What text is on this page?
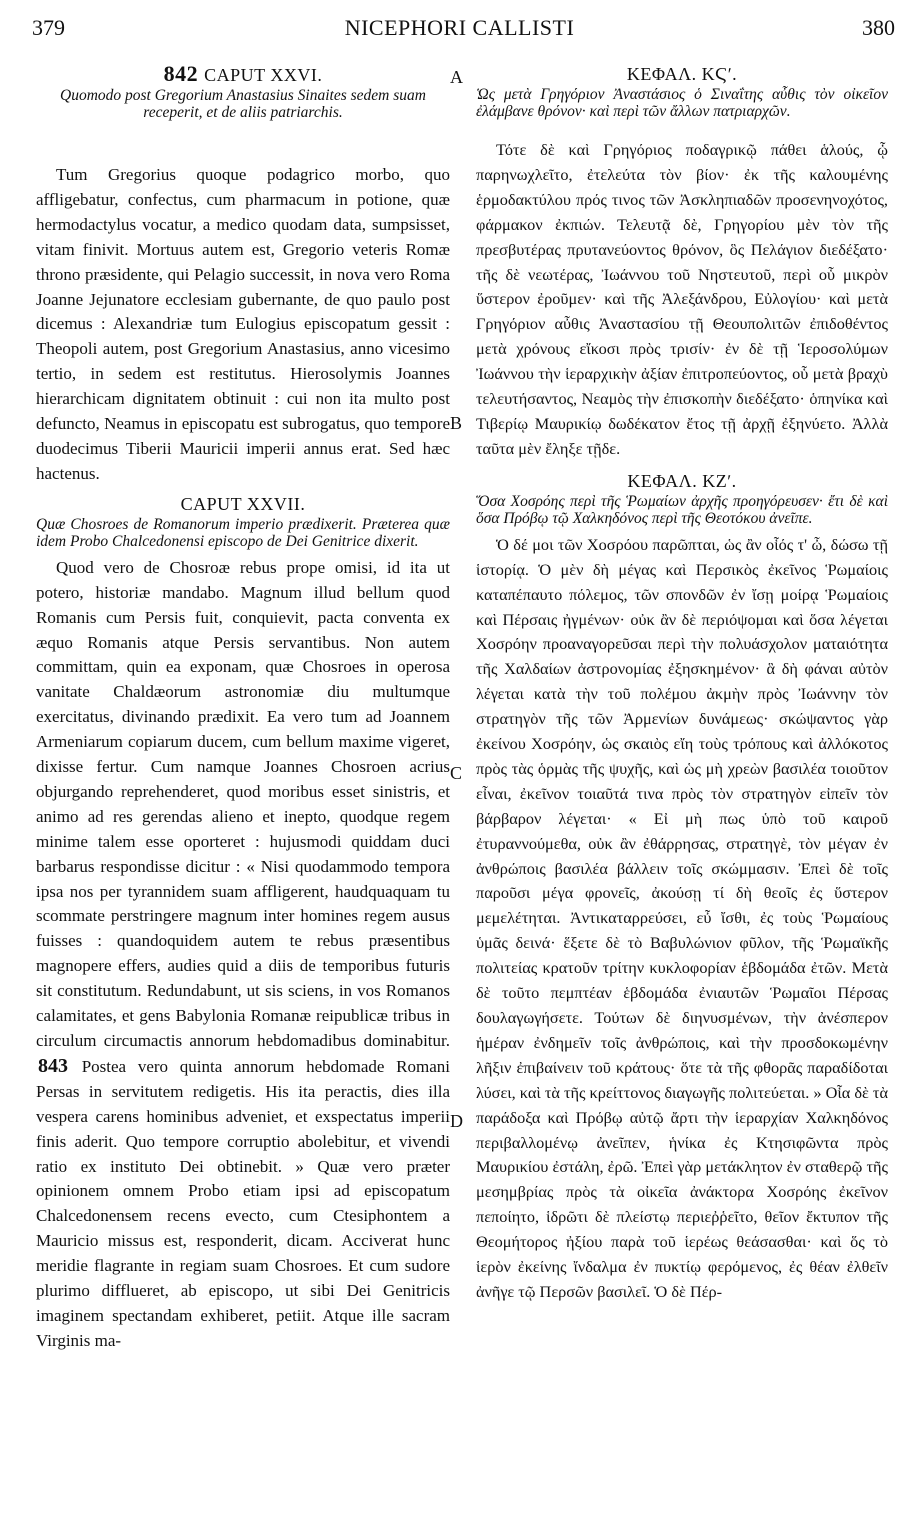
379	NICEPHORI CALLISTI	380
A
B
C
D

842 CAPUT XXVI.

Quomodo post Gregorium Anastasius Sinaites sedem suam receperit, et de aliis patriarchis.

Tum Gregorius quoque podagrico morbo, quo affligebatur, confectus, cum pharmacum in potione, quæ hermodactylus vocatur, a medico quodam data, sumpsisset, vitam finivit. Mortuus autem est, Gregorio veteris Romæ throno præsidente, qui Pelagio successit, in nova vero Roma Joanne Jejunatore ecclesiam gubernante, de quo paulo post dicemus : Alexandriæ tum Eulogius episcopatum gessit : Theopoli autem, post Gregorium Anastasius, anno vicesimo tertio, in sedem est restitutus. Hierosolymis Joannes hierarchicam dignitatem obtinuit : cui non ita multo post defuncto, Neamus in episcopatu est subrogatus, quo tempore duodecimus Tiberii Mauricii imperii annus erat. Sed hæc hactenus.

CAPUT XXVII.

Quæ Chosroes de Romanorum imperio prædixerit. Præterea quæ idem Probo Chalcedonensi episcopo de Dei Genitrice dixerit.

Quod vero de Chosroæ rebus prope omisi, id ita ut potero, historiæ mandabo. Magnum illud bellum quod Romanis cum Persis fuit, conquievit, pacta conventa ex æquo Romanis atque Persis servantibus. Non autem committam, quin ea exponam, quæ Chosroes in operosa vanitate Chaldæorum astronomiæ diu multumque exercitatus, divinando prædixit. Ea vero tum ad Joannem Armeniarum copiarum ducem, cum bellum maxime vigeret, dixisse fertur. Cum namque Joannes Chosroen acrius objurgando reprehenderet, quod moribus esset sinistris, et animo ad res gerendas alieno et inepto, quodque regem minime talem esse oporteret : hujusmodi quiddam duci barbarus respondisse dicitur : « Nisi quodammodo tempora ipsa nos per tyrannidem suam affligerent, haudquaquam tu scommate perstringere magnum inter homines regem ausus fuisses : quandoquidem autem te rebus præsentibus magnopere effers, audies quid a diis de temporibus futuris sit constitutum. Redundabunt, ut sis sciens, in vos Romanos calamitates, et gens Babylonia Romanæ reipublicæ tribus in circulum circumactis annorum hebdomadibus dominabitur. 843 Postea vero quinta annorum hebdomade Romani Persas in servitutem redigetis. His ita peractis, dies illa vespera carens hominibus adveniet, et exspectatus imperii finis aderit. Quo tempore corruptio abolebitur, et vivendi ratio ex instituto Dei obtinebit. » Quæ vero præter opinionem omnem Probo etiam ipsi ad episcopatum Chalcedonensem recens evecto, cum Ctesiphontem a Mauricio missus est, responderit, dicam. Acciverat hunc meridie flagrante in regiam suam Chosroes. Et cum sudore plurimo difflueret, ab episcopo, ut sibi Dei Genitricis imaginem spectandam exhiberet, petiit. Atque ille sacram Virginis ma-

ΚΕΦΑΛ. ΚϚʹ.

Ὡς μετὰ Γρηγόριον Ἀναστάσιος ὁ Σιναΐτης αὖθις τὸν οἰκεῖον ἐλάμβανε θρόνον· καὶ περὶ τῶν ἄλλων πατριαρχῶν.

Τότε δὲ καὶ Γρηγόριος ποδαγρικῷ πάθει ἁλούς, ᾧ παρηνωχλεῖτο, ἐτελεύτα τὸν βίον· ἐκ τῆς καλουμένης ἑρμοδακτύλου πρός τινος τῶν Ἀσκληπιαδῶν προσενηνοχότος, φάρμακον ἐκπιών. Τελευτᾷ δὲ, Γρηγορίου μὲν τὸν τῆς πρεσβυτέρας πρυτανεύοντος θρόνον, ὃς Πελάγιον διεδέξατο· τῆς δὲ νεωτέρας, Ἰωάννου τοῦ Νηστευτοῦ, περὶ οὗ μικρὸν ὕστερον ἐροῦμεν· καὶ τῆς Ἀλεξάνδρου, Εὐλογίου· καὶ μετὰ Γρηγόριον αὖθις Ἀναστασίου τῇ Θεουπολιτῶν ἐπιδοθέντος μετὰ χρόνους εἴκοσι πρὸς τρισίν· ἐν δὲ τῇ Ἱεροσολύμων Ἰωάννου τὴν ἱεραρχικὴν ἀξίαν ἐπιτροπεύοντος, οὗ μετὰ βραχὺ τελευτήσαντος, Νεαμὸς τὴν ἐπισκοπὴν διεδέξατο· ὁπηνίκα καὶ Τιβερίῳ Μαυρικίῳ δωδέκατον ἔτος τῇ ἀρχῇ ἐξηνύετο. Ἀλλὰ ταῦτα μὲν ἔληξε τῇδε.

ΚΕΦΑΛ. ΚΖʹ.

Ὅσα Χοσρόης περὶ τῆς Ῥωμαίων ἀρχῆς προηγόρευσεν· ἔτι δὲ καὶ ὅσα Πρόβῳ τῷ Χαλκηδόνος περὶ τῆς Θεοτόκου ἀνεῖπε.

Ὁ δέ μοι τῶν Χοσρόου παρῶπται, ὡς ἂν οἷός τ' ὦ, δώσω τῇ ἱστορίᾳ. Ὁ μὲν δὴ μέγας καὶ Περσικὸς ἐκεῖνος Ῥωμαίοις καταπέπαυτο πόλεμος, τῶν σπονδῶν ἐν ἴσῃ μοίρᾳ Ῥωμαίοις καὶ Πέρσαις ἠγμένων· οὐκ ἂν δὲ περιόψομαι καὶ ὅσα λέγεται Χοσρόην προαναγορεῦσαι περὶ τὴν πολυάσχολον ματαιότητα τῆς Χαλδαίων ἀστρονομίας ἐξησκημένον· ἃ δὴ φάναι αὐτὸν λέγεται κατὰ τὴν τοῦ πολέμου ἀκμὴν πρὸς Ἰωάννην τὸν στρατηγὸν τῆς τῶν Ἀρμενίων δυνάμεως· σκώψαντος γὰρ ἐκείνου Χοσρόην, ὡς σκαιὸς εἴη τοὺς τρόπους καὶ ἀλλόκοτος πρὸς τὰς ὁρμὰς τῆς ψυχῆς, καὶ ὡς μὴ χρεὼν βασιλέα τοιοῦτον εἶναι, ἐκεῖνον τοιαῦτά τινα πρὸς τὸν στρατηγὸν εἰπεῖν τὸν βάρβαρον λέγεται· « Εἰ μὴ πως ὑπὸ τοῦ καιροῦ ἐτυραννούμεθα, οὐκ ἂν ἐθάρρησας, στρατηγὲ, τὸν μέγαν ἐν ἀνθρώποις βασιλέα βάλλειν τοῖς σκώμμασιν. Ἐπεὶ δὲ τοῖς παροῦσι μέγα φρονεῖς, ἀκούσῃ τί δὴ θεοῖς ἐς ὕστερον μεμελέτηται. Ἀντικαταρρεύσει, εὖ ἴσθι, ἐς τοὺς Ῥωμαίους ὑμᾶς δεινά· ἕξετε δὲ τὸ Βαβυλώνιον φῦλον, τῆς Ῥωμαϊκῆς πολιτείας κρατοῦν τρίτην κυκλοφορίαν ἑβδομάδα ἐτῶν. Μετὰ δὲ τοῦτο πεμπτέαν ἑβδομάδα ἐνιαυτῶν Ῥωμαῖοι Πέρσας δουλαγωγήσετε. Τούτων δὲ διηνυσμένων, τὴν ἀνέσπερον ἡμέραν ἐνδημεῖν τοῖς ἀνθρώποις, καὶ τὴν προσδοκωμένην λῆξιν ἐπιβαίνειν τοῦ κράτους· ὅτε τὰ τῆς φθορᾶς παραδίδοται λύσει, καὶ τὰ τῆς κρείττονος διαγωγῆς πολιτεύεται. » Οἷα δὲ τὰ παράδοξα καὶ Πρόβῳ αὐτῷ ἄρτι τὴν ἱεραρχίαν Χαλκηδόνος περιβαλλομένῳ ἀνεῖπεν, ἡνίκα ἐς Κτησιφῶντα πρὸς Μαυρικίου ἐστάλη, ἐρῶ. Ἐπεὶ γὰρ μετάκλητον ἐν σταθερῷ τῆς μεσημβρίας πρὸς τὰ οἰκεῖα ἀνάκτορα Χοσρόης ἐκεῖνον πεποίητο, ἱδρῶτι δὲ πλείστῳ περιεῤῥεῖτο, θεῖον ἔκτυπον τῆς Θεομήτορος ἠξίου παρὰ τοῦ ἱερέως θεάσασθαι· καὶ ὅς τὸ ἱερὸν ἐκείνης ἴνδαλμα ἐν πυκτίῳ φερόμενος, ἐς θέαν ἐλθεῖν ἀνῆγε τῷ Περσῶν βασιλεῖ. Ὁ δὲ Πέρ-
